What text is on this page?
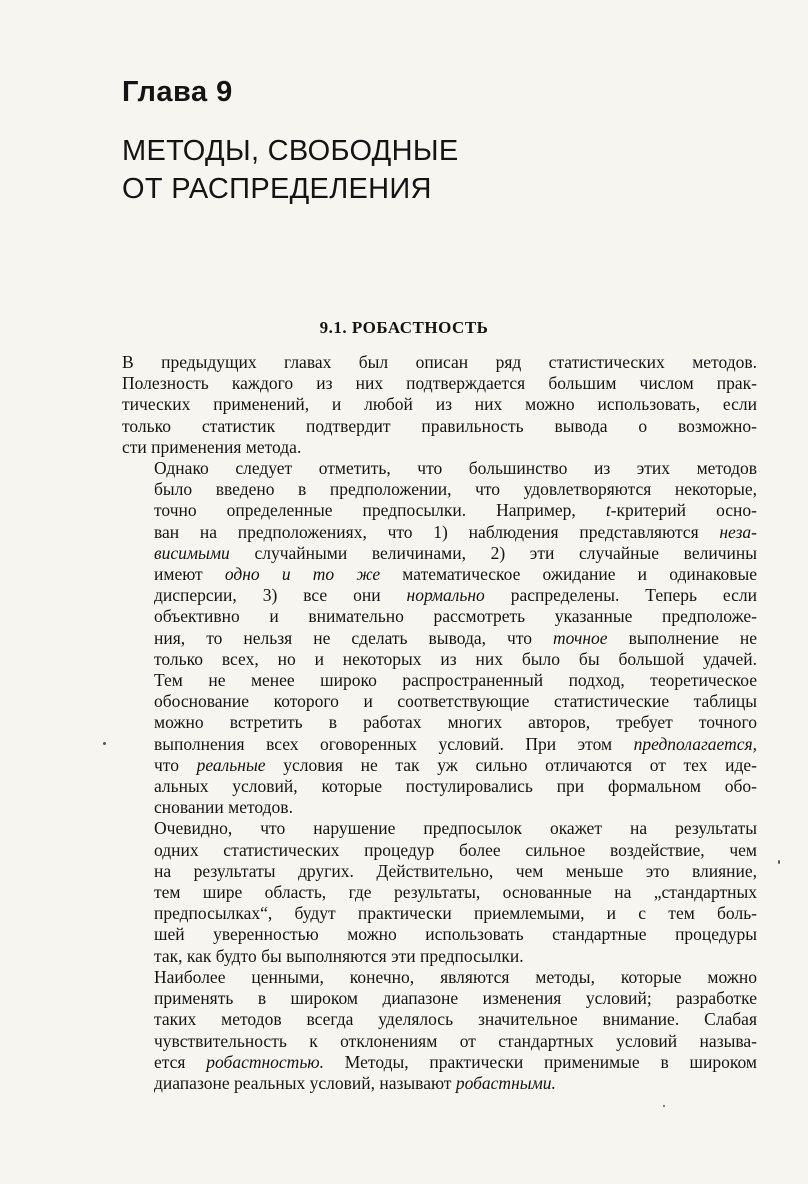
Глава 9
МЕТОДЫ, СВОБОДНЫЕ
ОТ РАСПРЕДЕЛЕНИЯ
9.1. РОБАСТНОСТЬ

В предыдущих главах был описан ряд статистических методов.
Полезность каждого из них подтверждается большим числом прак-
тических применений, и любой из них можно использовать, если
только статистик подтвердит правильность вывода о возможно-
сти применения метода.

Однако следует отметить, что большинство из этих методов
было введено в предположении, что удовлетворяются некоторые,
точно определенные предпосылки. Например, t-критерий осно-
ван на предположениях, что 1) наблюдения представляются неза-
висимыми случайными величинами, 2) эти случайные величины
имеют одно и то же математическое ожидание и одинаковые
дисперсии, 3) все они нормально распределены. Теперь если
объективно и внимательно рассмотреть указанные предположе-
ния, то нельзя не сделать вывода, что точное выполнение не
только всех, но и некоторых из них было бы большой удачей.
Тем не менее широко распространенный подход, теоретическое
обоснование которого и соответствующие статистические таблицы
можно встретить в работах многих авторов, требует точного
выполнения всех оговоренных условий. При этом предполагается,
что реальные условия не так уж сильно отличаются от тех иде-
альных условий, которые постулировались при формальном обо-
сновании методов.

Очевидно, что нарушение предпосылок окажет на результаты
одних статистических процедур более сильное воздействие, чем
на результаты других. Действительно, чем меньше это влияние,
тем шире область, где результаты, основанные на „стандартных
предпосылках“, будут практически приемлемыми, и с тем боль-
шей уверенностью можно использовать стандартные процедуры
так, как будто бы выполняются эти предпосылки.

Наиболее ценными, конечно, являются методы, которые можно
применять в широком диапазоне изменения условий; разработке
таких методов всегда уделялось значительное внимание. Слабая
чувствительность к отклонениям от стандартных условий называ-
ется робастностью. Методы, практически применимые в широком
диапазоне реальных условий, называют робастными.
